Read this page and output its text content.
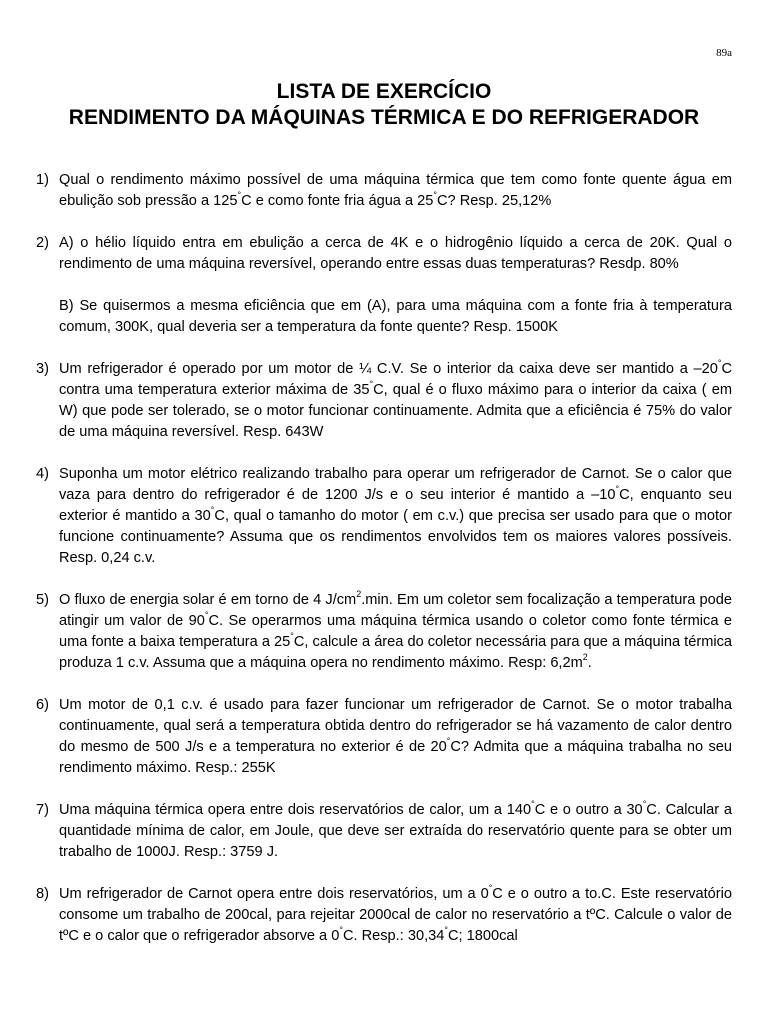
89a
LISTA DE EXERCÍCIO
RENDIMENTO DA MÁQUINAS TÉRMICA E DO REFRIGERADOR
1) Qual o rendimento máximo possível de uma máquina térmica que tem como fonte quente água em ebulição sob pressão a 125°C e como fonte fria água a 25°C? Resp. 25,12%

2) A) o hélio líquido entra em ebulição a cerca de 4K e o hidrogênio líquido a cerca de 20K. Qual o rendimento de uma máquina reversível, operando entre essas duas temperaturas? Resdp. 80%

B) Se quisermos a mesma eficiência que em (A), para uma máquina com a fonte fria à temperatura comum, 300K, qual deveria ser a temperatura da fonte quente? Resp. 1500K

3) Um refrigerador é operado por um motor de ¼ C.V. Se o interior da caixa deve ser mantido a –20°C contra uma temperatura exterior máxima de 35°C, qual é o fluxo máximo para o interior da caixa ( em W) que pode ser tolerado, se o motor funcionar continuamente. Admita que a eficiência é 75% do valor de uma máquina reversível. Resp. 643W

4) Suponha um motor elétrico realizando trabalho para operar um refrigerador de Carnot. Se o calor que vaza para dentro do refrigerador é de 1200 J/s e o seu interior é mantido a –10°C, enquanto seu exterior é mantido a 30°C, qual o tamanho do motor ( em c.v.) que precisa ser usado para que o motor funcione continuamente? Assuma que os rendimentos envolvidos tem os maiores valores possíveis. Resp. 0,24 c.v.

5) O fluxo de energia solar é em torno de 4 $J/cm^2.\min$. Em um coletor sem focalização a temperatura pode atingir um valor de 90°C. Se operarmos uma máquina térmica usando o coletor como fonte térmica e uma fonte a baixa temperatura a 25°C, calcule a área do coletor necessária para que a máquina térmica produza 1 c.v. Assuma que a máquina opera no rendimento máximo. Resp: $6,2m^2$.

6) Um motor de 0,1 c.v. é usado para fazer funcionar um refrigerador de Carnot. Se o motor trabalha continuamente, qual será a temperatura obtida dentro do refrigerador se há vazamento de calor dentro do mesmo de 500 J/s e a temperatura no exterior é de 20°C? Admita que a máquina trabalha no seu rendimento máximo. Resp.: 255K

7) Uma máquina térmica opera entre dois reservatórios de calor, um a 140°C e o outro a 30°C. Calcular a quantidade mínima de calor, em Joule, que deve ser extraída do reservatório quente para se obter um trabalho de 1000J. Resp.: 3759 J.

8) Um refrigerador de Carnot opera entre dois reservatórios, um a 0°C e o outro a to.C. Este reservatório consome um trabalho de 200cal, para rejeitar 2000cal de calor no reservatório a tºC. Calcule o valor de tºC e o calor que o refrigerador absorve a 0°C. Resp.: 30,34°C; 1800cal
